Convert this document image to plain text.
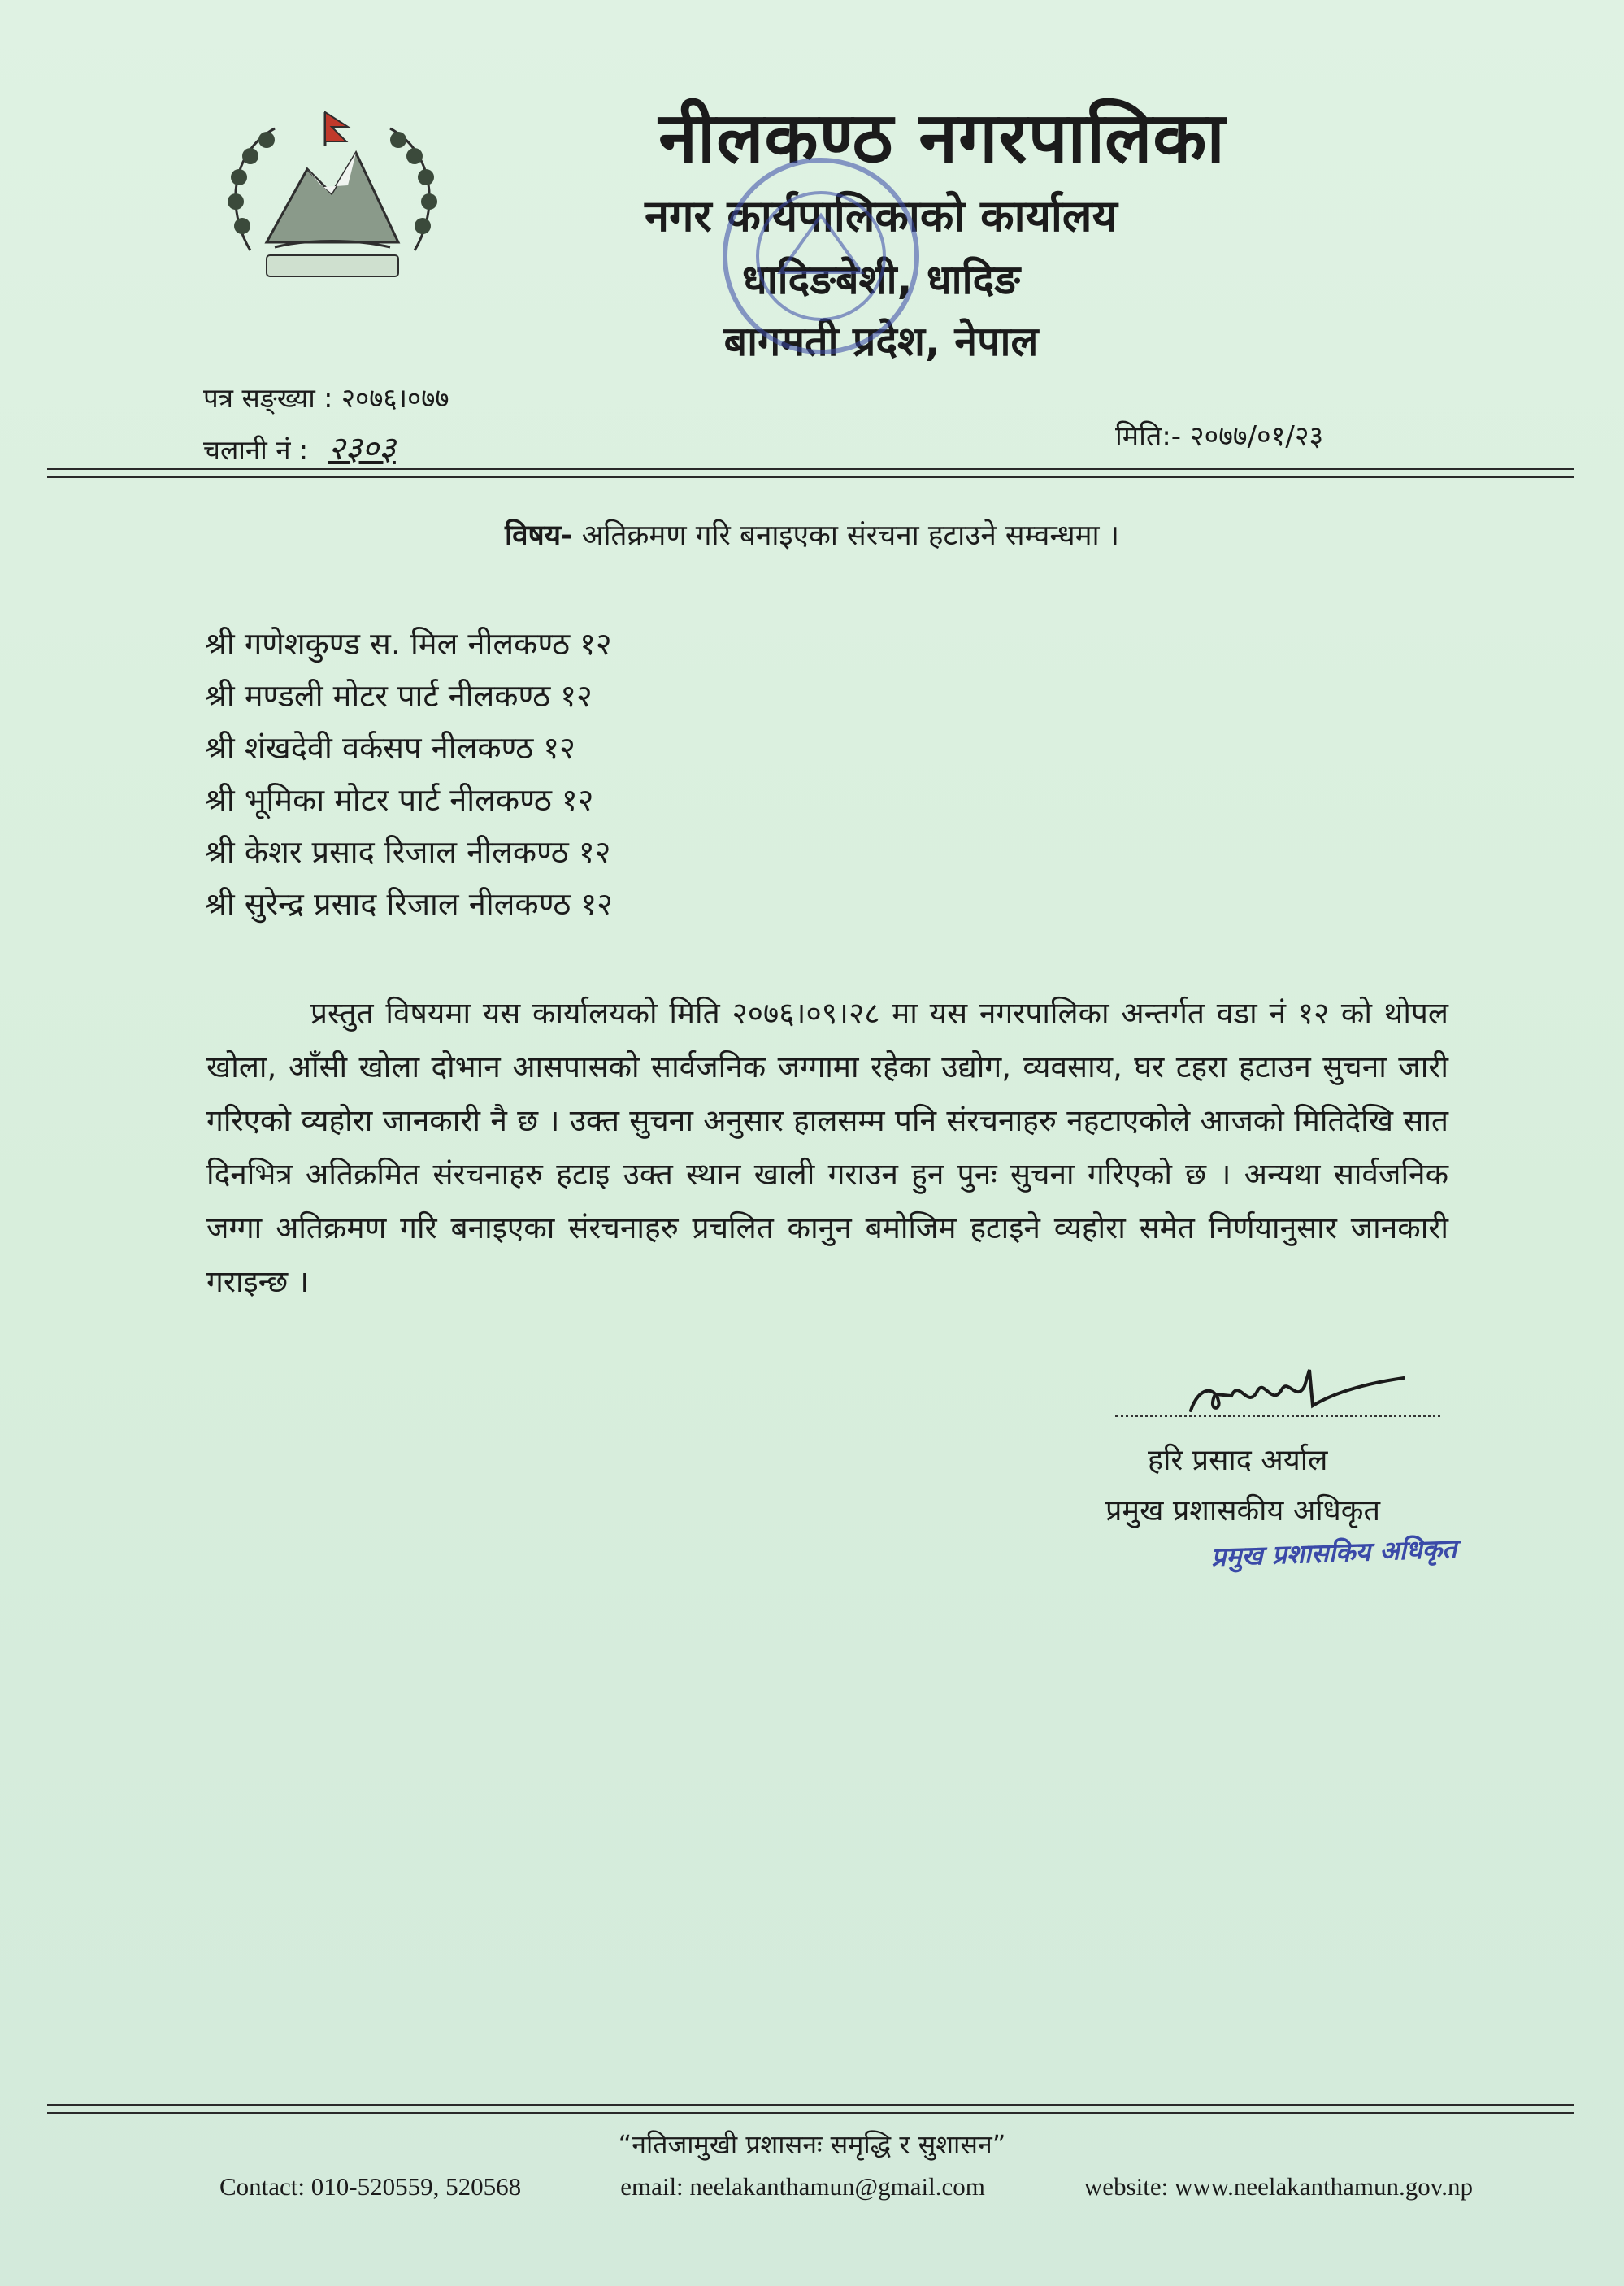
नीलकण्ठ नगरपालिका
नगर कार्यपालिकाको कार्यालय
धादिङबेशी, धादिङ
बागमती प्रदेश, नेपाल
पत्र सङ्ख्या : २०७६।०७७
चलानी नं : २३०३	मिति:- २०७७/०१/२३
विषय- अतिक्रमण गरि बनाइएका संरचना हटाउने सम्वन्धमा ।
श्री गणेशकुण्ड स. मिल नीलकण्ठ १२
श्री मण्डली मोटर पार्ट नीलकण्ठ १२
श्री शंखदेवी वर्कसप नीलकण्ठ १२
श्री भूमिका मोटर पार्ट नीलकण्ठ १२
श्री केशर प्रसाद रिजाल नीलकण्ठ १२
श्री सुरेन्द्र प्रसाद रिजाल नीलकण्ठ १२

प्रस्तुत विषयमा यस कार्यालयको मिति २०७६।०९।२८ मा यस नगरपालिका अन्तर्गत वडा नं १२ को थोपल खोला, आँसी खोला दोभान आसपासको सार्वजनिक जग्गामा रहेका उद्योग, व्यवसाय, घर टहरा हटाउन सुचना जारी गरिएको व्यहोरा जानकारी नै छ । उक्त सुचना अनुसार हालसम्म पनि संरचनाहरु नहटाएकोले आजको मितिदेखि सात दिनभित्र अतिक्रमित संरचनाहरु हटाइ उक्त स्थान खाली गराउन हुन पुनः सुचना गरिएको छ । अन्यथा सार्वजनिक जग्गा अतिक्रमण गरि बनाइएका संरचनाहरु प्रचलित कानुन बमोजिम हटाइने व्यहोरा समेत निर्णयानुसार जानकारी गराइन्छ ।

हरि प्रसाद अर्याल
प्रमुख प्रशासकीय अधिकृत
प्रमुख प्रशासकिय अधिकृत
“नतिजामुखी प्रशासनः समृद्धि र सुशासन”
Contact: 010-520559, 520568	email: neelakanthamun@gmail.com	website: www.neelakanthamun.gov.np
